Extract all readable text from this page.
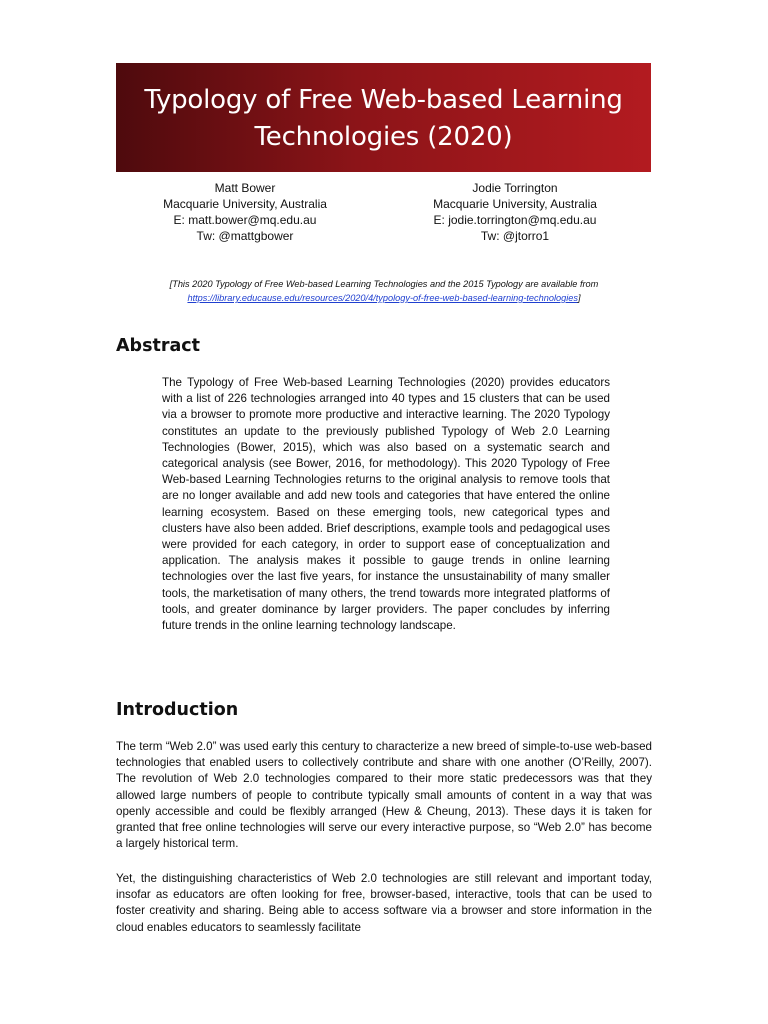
Typology of Free Web-based Learning
Technologies (2020)
Matt Bower
Macquarie University, Australia
E: matt.bower@mq.edu.au
Tw: @mattgbower
Jodie Torrington
Macquarie University, Australia
E: jodie.torrington@mq.edu.au
Tw: @jtorro1
[This 2020 Typology of Free Web-based Learning Technologies and the 2015 Typology are available from
https://library.educause.edu/resources/2020/4/typology-of-free-web-based-learning-technologies]
Abstract

The Typology of Free Web-based Learning Technologies (2020) provides educators with a list of 226 technologies arranged into 40 types and 15 clusters that can be used via a browser to promote more productive and interactive learning. The 2020 Typology constitutes an update to the previously published Typology of Web 2.0 Learning Technologies (Bower, 2015), which was also based on a systematic search and categorical analysis (see Bower, 2016, for methodology). This 2020 Typology of Free Web-based Learning Technologies returns to the original analysis to remove tools that are no longer available and add new tools and categories that have entered the online learning ecosystem. Based on these emerging tools, new categorical types and clusters have also been added. Brief descriptions, example tools and pedagogical uses were provided for each category, in order to support ease of conceptualization and application. The analysis makes it possible to gauge trends in online learning technologies over the last five years, for instance the unsustainability of many smaller tools, the marketisation of many others, the trend towards more integrated platforms of tools, and greater dominance by larger providers. The paper concludes by inferring future trends in the online learning technology landscape.

Introduction

The term “Web 2.0” was used early this century to characterize a new breed of simple-to-use web-based technologies that enabled users to collectively contribute and share with one another (O’Reilly, 2007). The revolution of Web 2.0 technologies compared to their more static predecessors was that they allowed large numbers of people to contribute typically small amounts of content in a way that was openly accessible and could be flexibly arranged (Hew & Cheung, 2013). These days it is taken for granted that free online technologies will serve our every interactive purpose, so “Web 2.0” has become a largely historical term.

Yet, the distinguishing characteristics of Web 2.0 technologies are still relevant and important today, insofar as educators are often looking for free, browser-based, interactive, tools that can be used to foster creativity and sharing. Being able to access software via a browser and store information in the cloud enables educators to seamlessly facilitate
